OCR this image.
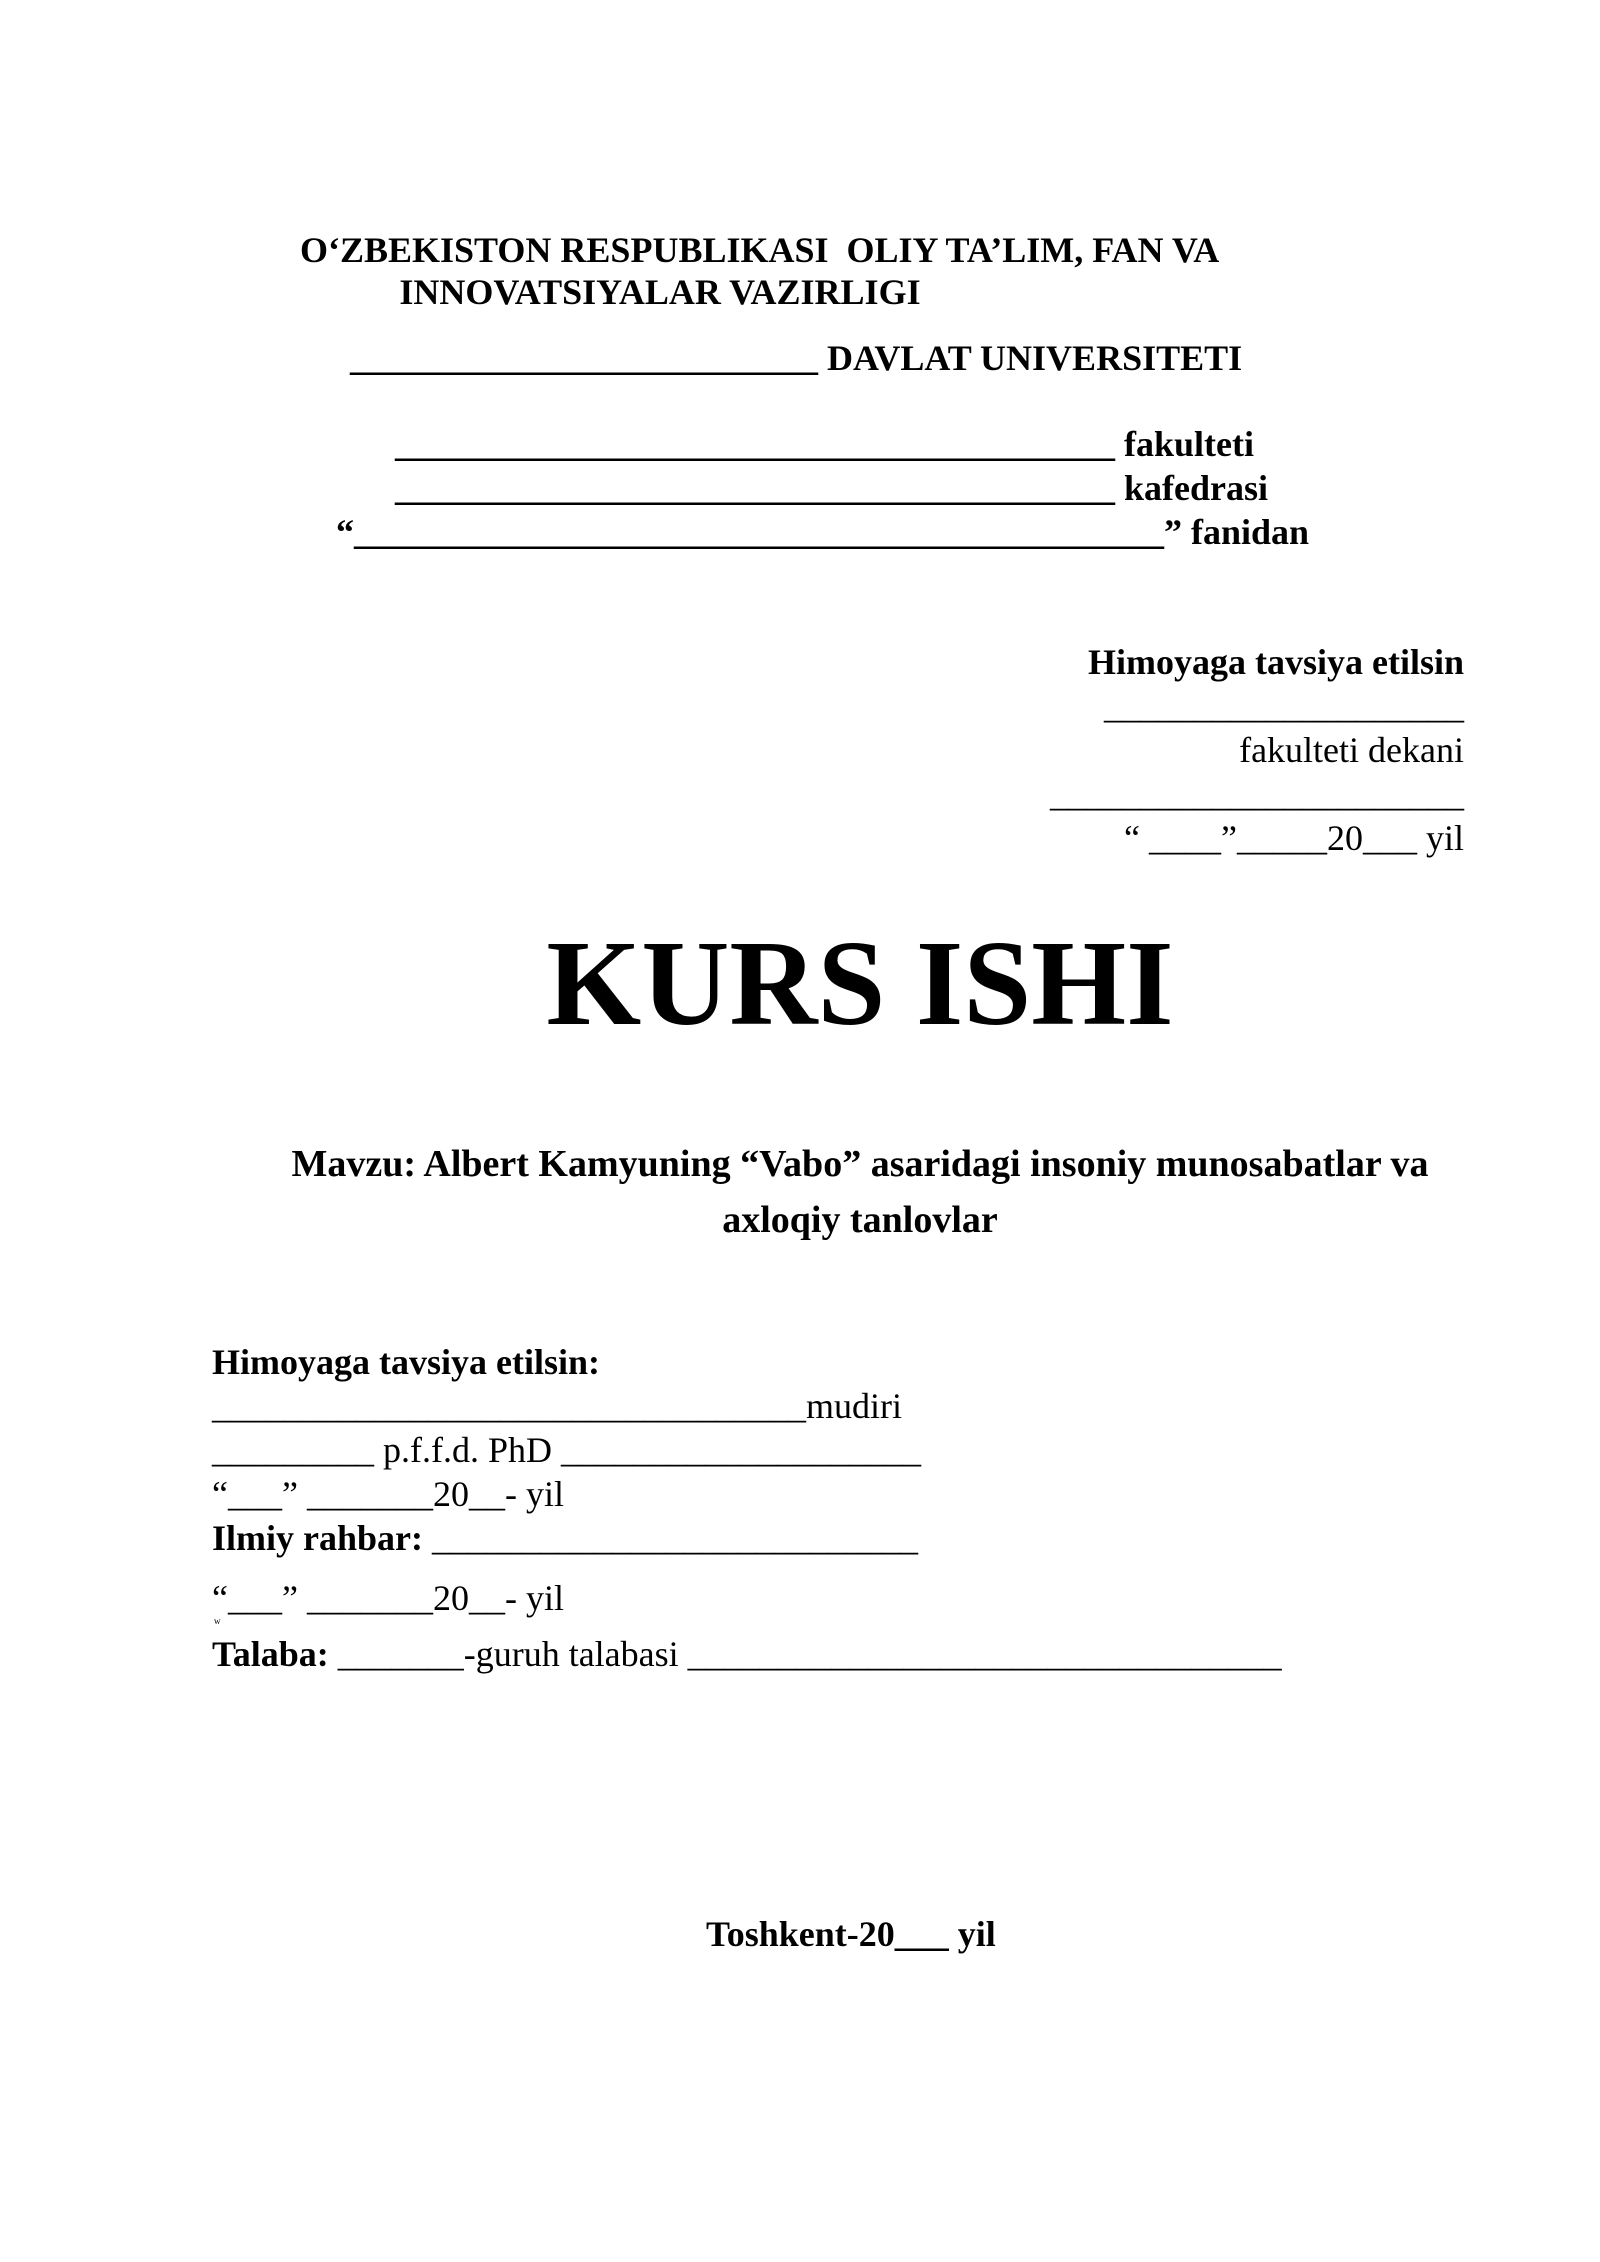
O‘ZBEKISTON RESPUBLIKASI  OLIY TA’LIM, FAN VA
INNOVATSIYALAR VAZIRLIGI
__________________________ DAVLAT UNIVERSITETI
________________________________________ fakulteti
________________________________________ kafedrasi
“_____________________________________________” fanidan
Himoyaga tavsiya etilsin
____________________
fakulteti dekani
_______________________
“ ____”_____20___ yil
KURS ISHI
Mavzu: Albert Kamyuning “Vabo” asaridagi insoniy munosabatlar va
axloqiy tanlovlar
Himoyaga tavsiya etilsin:
_________________________________mudiri
_________ p.f.f.d. PhD ____________________
“___” _______20__- yil
Ilmiy rahbar: ___________________________
“___” _______20__- yil
w
Talaba: _______-guruh talabasi _________________________________
Toshkent-20___ yil
